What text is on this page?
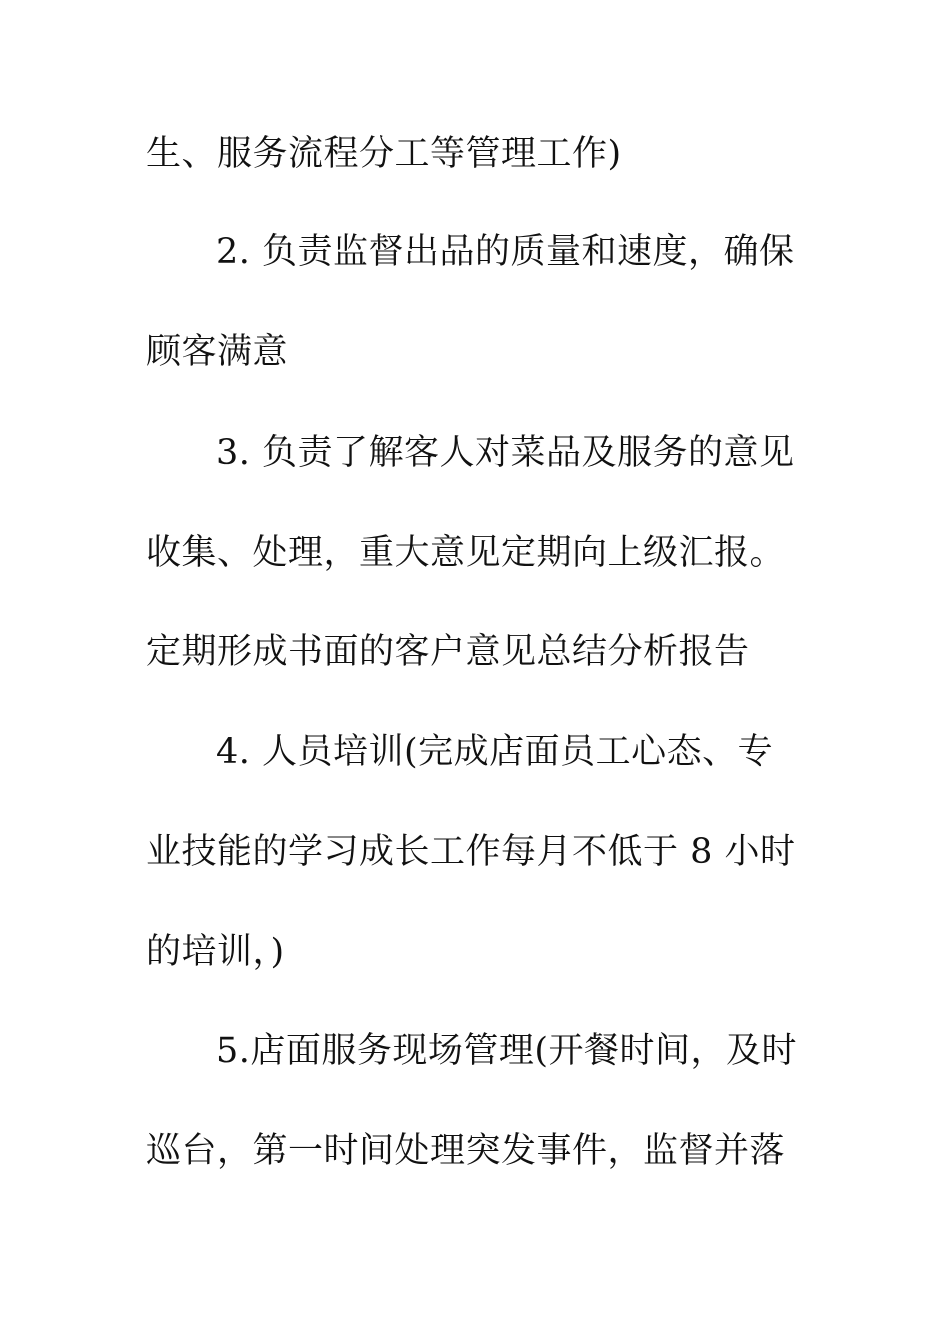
生、服务流程分工等管理工作)
2. 负责监督出品的质量和速度，确保
顾客满意
3. 负责了解客人对菜品及服务的意见
收集、处理，重大意见定期向上级汇报。
定期形成书面的客户意见总结分析报告
4. 人员培训(完成店面员工心态、专
业技能的学习成长工作每月不低于 8 小时
的培训，)
5.店面服务现场管理(开餐时间，及时
巡台，第一时间处理突发事件，监督并落
